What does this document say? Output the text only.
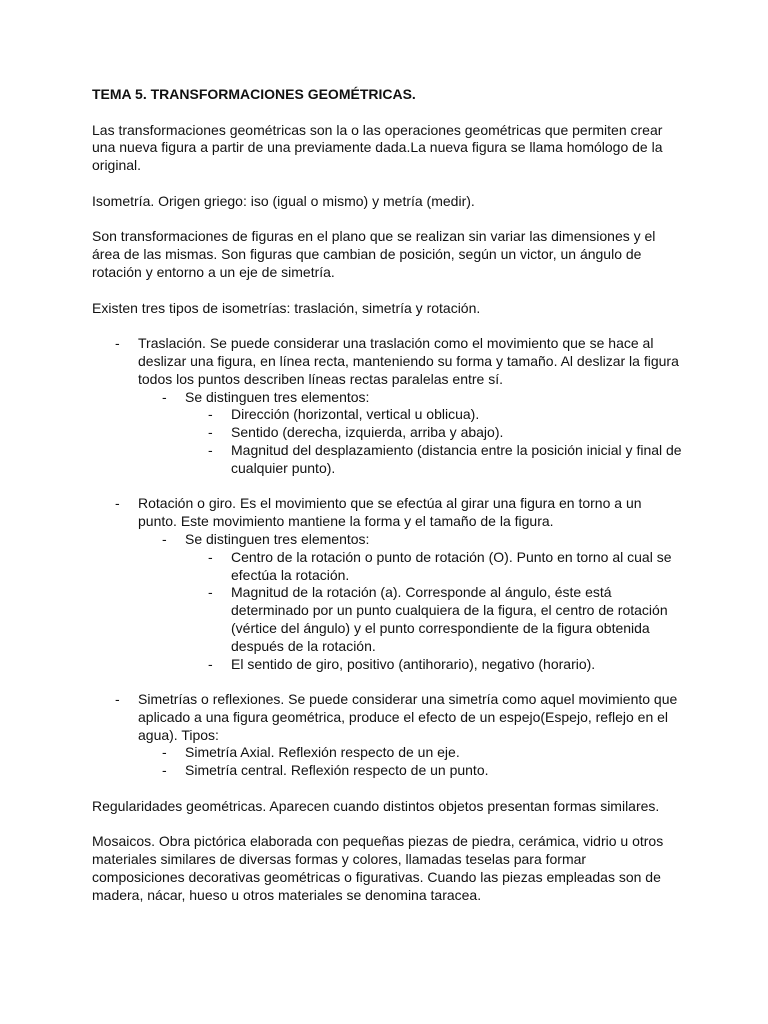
TEMA 5. TRANSFORMACIONES GEOMÉTRICAS.

Las transformaciones geométricas son la o las operaciones geométricas que permiten crear una nueva figura a partir de una previamente dada.La nueva figura se llama homólogo de la original.

Isometría. Origen griego: iso (igual o mismo) y metría (medir).

Son transformaciones de figuras en el plano que se realizan sin variar las dimensiones y el área de las mismas. Son figuras que cambian de posición, según un victor, un ángulo de rotación y entorno a un eje de simetría.

Existen tres tipos de isometrías: traslación, simetría y rotación.

- Traslación. Se puede considerar una traslación como el movimiento que se hace al deslizar una figura, en línea recta, manteniendo su forma y tamaño. Al deslizar la figura todos los puntos describen líneas rectas paralelas entre sí.
- Se distinguen tres elementos:
- Dirección (horizontal, vertical u oblicua).
- Sentido (derecha, izquierda, arriba y abajo).
- Magnitud del desplazamiento (distancia entre la posición inicial y final de cualquier punto).
- Rotación o giro. Es el movimiento que se efectúa al girar una figura en torno a un punto. Este movimiento mantiene la forma y el tamaño de la figura.
- Se distinguen tres elementos:
- Centro de la rotación o punto de rotación (O). Punto en torno al cual se efectúa la rotación.
- Magnitud de la rotación (a). Corresponde al ángulo, éste está determinado por un punto cualquiera de la figura, el centro de rotación (vértice del ángulo) y el punto correspondiente de la figura obtenida después de la rotación.
- El sentido de giro, positivo (antihorario), negativo (horario).
- Simetrías o reflexiones. Se puede considerar una simetría como aquel movimiento que aplicado a una figura geométrica, produce el efecto de un espejo(Espejo, reflejo en el agua). Tipos:
- Simetría Axial. Reflexión respecto de un eje.
- Simetría central. Reflexión respecto de un punto.

Regularidades geométricas. Aparecen cuando distintos objetos presentan formas similares.

Mosaicos. Obra pictórica elaborada con pequeñas piezas de piedra, cerámica, vidrio u otros materiales similares de diversas formas y colores, llamadas teselas para formar composiciones decorativas geométricas o figurativas. Cuando las piezas empleadas son de madera, nácar, hueso u otros materiales se denomina taracea.
